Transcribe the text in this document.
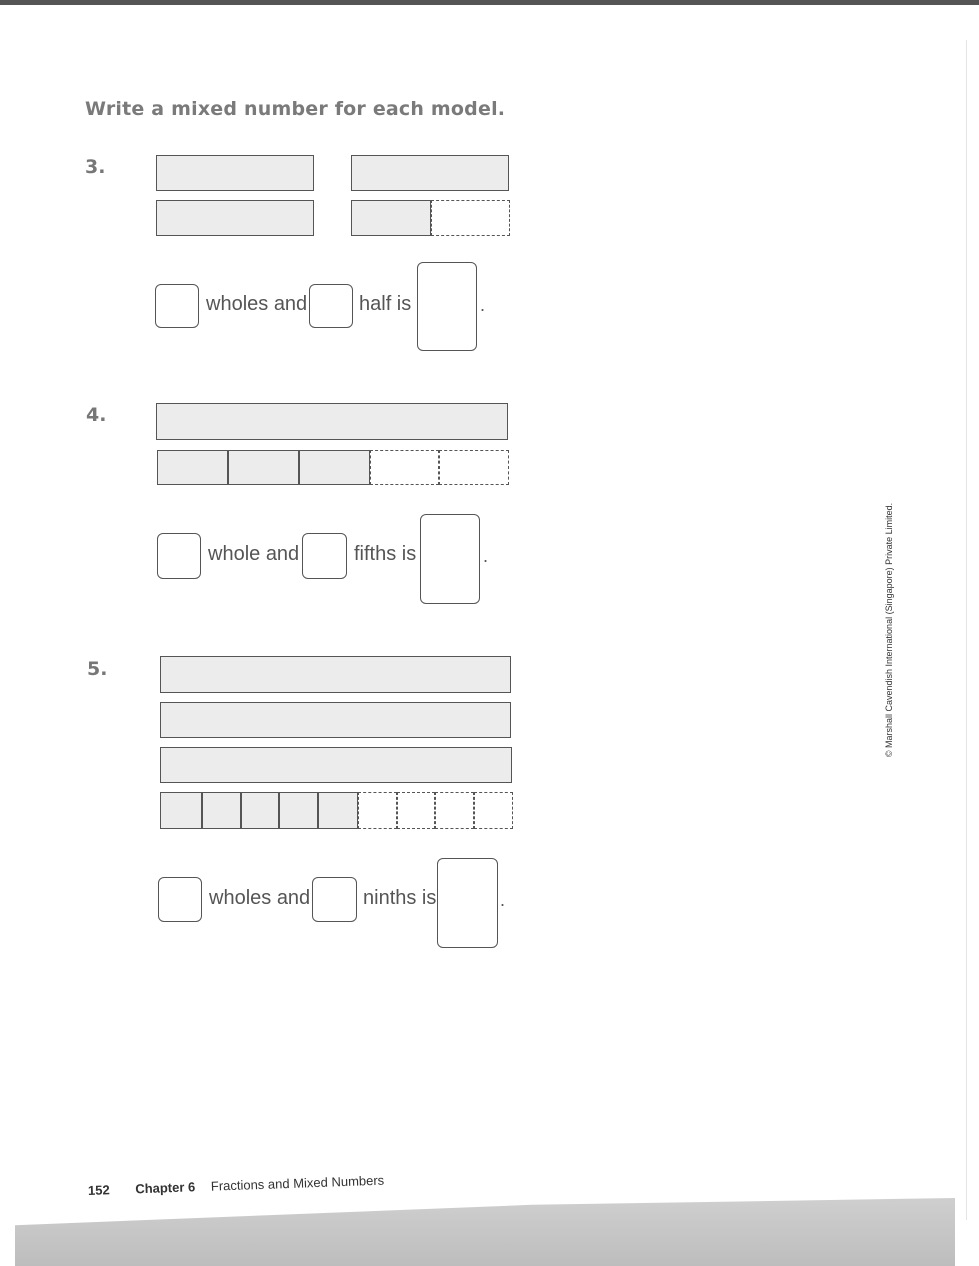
Write a mixed number for each model.
3.
wholes and	half is	.
4.
whole and	fifths is	.
5.
wholes and	ninths is	.
© Marshall Cavendish International (Singapore) Private Limited.
152 Chapter 6 Fractions and Mixed Numbers
